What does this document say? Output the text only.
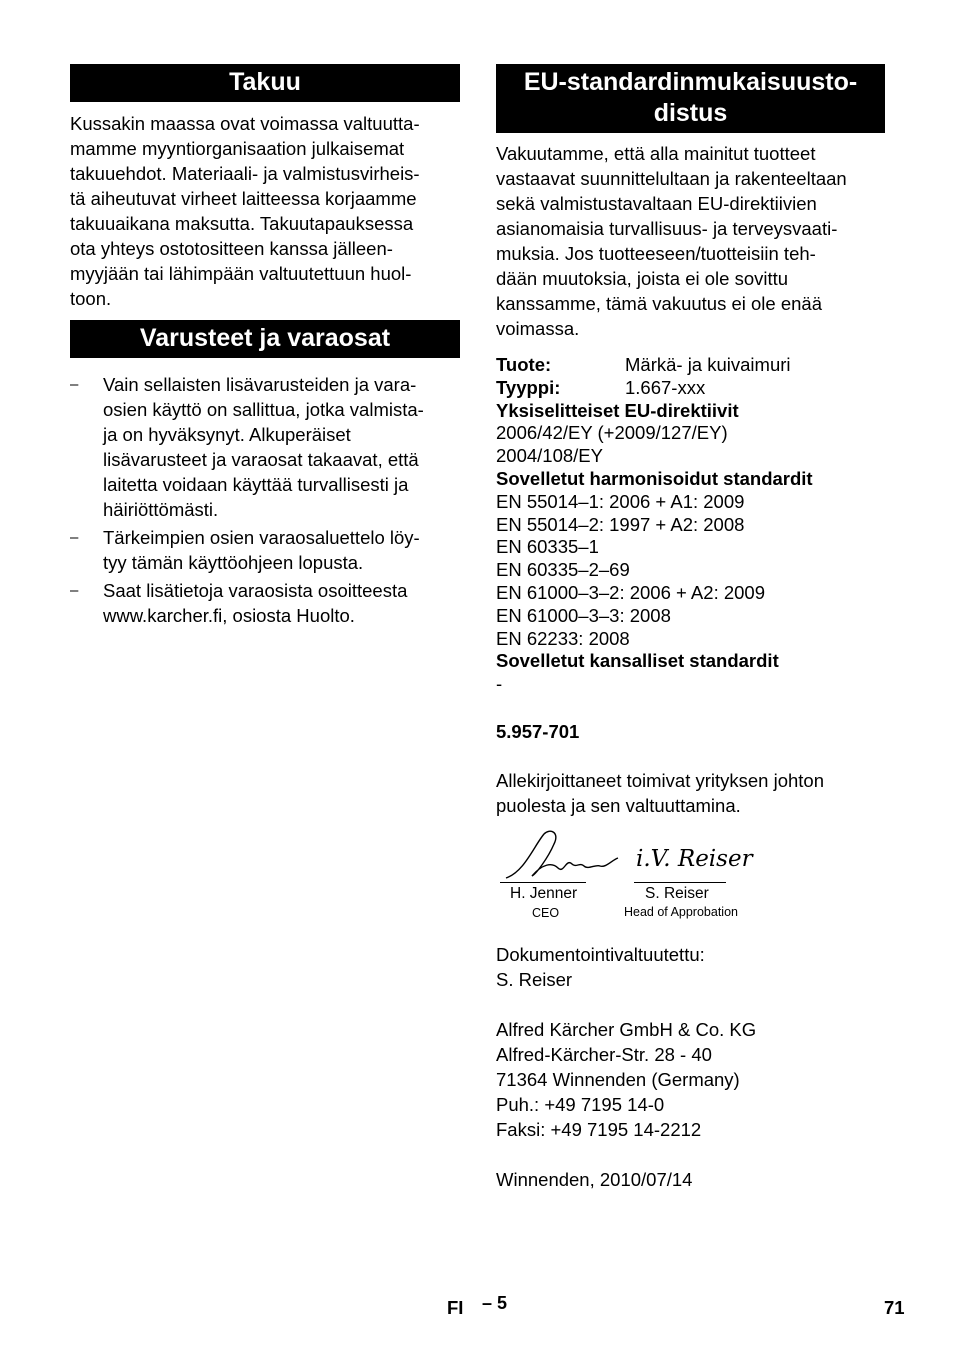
Takuu
Kussakin maassa ovat voimassa valtuutta-
mamme myyntiorganisaation julkaisemat
takuuehdot. Materiaali- ja valmistusvirheis-
tä aiheutuvat virheet laitteessa korjaamme
takuuaikana maksutta. Takuutapauksessa
ota yhteys ostotositteen kanssa jälleen-
myyjään tai lähimpään valtuutettuun huol-
toon.
Varusteet ja varaosat
– Vain sellaisten lisävarusteiden ja vara-
osien käyttö on sallittua, jotka valmista-
ja on hyväksynyt. Alkuperäiset
lisävarusteet ja varaosat takaavat, että
laitetta voidaan käyttää turvallisesti ja
häiriöttömästi.
– Tärkeimpien osien varaosaluettelo löy-
tyy tämän käyttöohjeen lopusta.
– Saat lisätietoja varaosista osoitteesta
www.karcher.fi, osiosta Huolto.
EU-standardinmukaisuusto-
distus
Vakuutamme, että alla mainitut tuotteet
vastaavat suunnittelultaan ja rakenteeltaan
sekä valmistustavaltaan EU-direktiivien
asianomaisia turvallisuus- ja terveysvaati-
muksia. Jos tuotteeseen/tuotteisiin teh-
dään muutoksia, joista ei ole sovittu
kanssamme, tämä vakuutus ei ole enää
voimassa.
Tuote:	Märkä- ja kuivaimuri
Tyyppi:	1.667-xxx
Yksiselitteiset EU-direktiivit
2006/42/EY (+2009/127/EY)
2004/108/EY
Sovelletut harmonisoidut standardit
EN 55014–1: 2006 + A1: 2009
EN 55014–2: 1997 + A2: 2008
EN 60335–1
EN 60335–2–69
EN 61000–3–2: 2006 + A2: 2009
EN 61000–3–3: 2008
EN 62233: 2008
Sovelletut kansalliset standardit
-
5.957-701
Allekirjoittaneet toimivat yrityksen johton
puolesta ja sen valtuuttamina.
i.V. Reiser
H. Jenner	S. Reiser
CEO	Head of Approbation
Dokumentointivaltuutettu:
S. Reiser
Alfred Kärcher GmbH & Co. KG
Alfred-Kärcher-Str. 28 - 40
71364 Winnenden (Germany)
Puh.: +49 7195 14-0
Faksi: +49 7195 14-2212
Winnenden, 2010/07/14
FI – 5	71
